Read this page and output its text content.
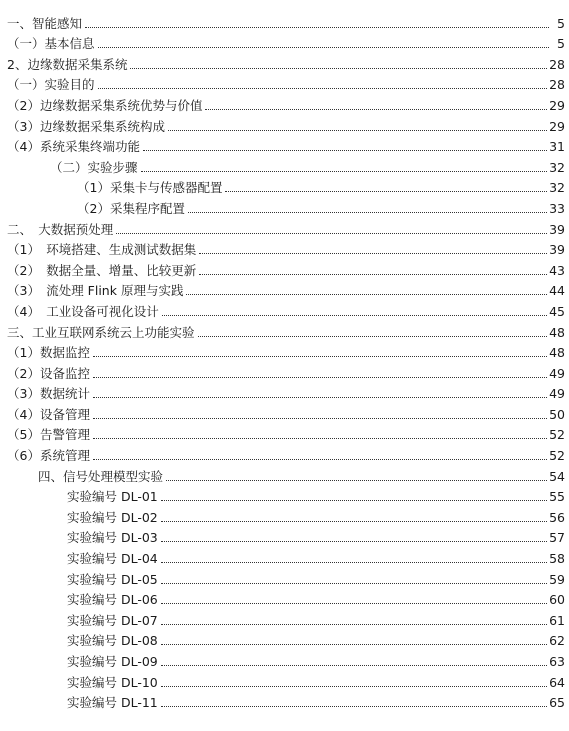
一、智能感知	5
（一）基本信息	5
2、边缘数据采集系统	28
（一）实验目的	28
（2）边缘数据采集系统优势与价值	29
（3）边缘数据采集系统构成	29
（4）系统采集终端功能	31
（二）实验步骤	32
（1）采集卡与传感器配置	32
（2）采集程序配置	33
二、　大数据预处理	39
（1）　环境搭建、生成测试数据集	39
（2）　数据全量、增量、比较更新	43
（3）　流处理 Flink 原理与实践	44
（4）　工业设备可视化设计	45
三、工业互联网系统云上功能实验	48
（1）数据监控	48
（2）设备监控	49
（3）数据统计	49
（4）设备管理	50
（5）告警管理	52
（6）系统管理	52
四、信号处理模型实验	54
实验编号 DL-01	55
实验编号 DL-02	56
实验编号 DL-03	57
实验编号 DL-04	58
实验编号 DL-05	59
实验编号 DL-06	60
实验编号 DL-07	61
实验编号 DL-08	62
实验编号 DL-09	63
实验编号 DL-10	64
实验编号 DL-11	65
